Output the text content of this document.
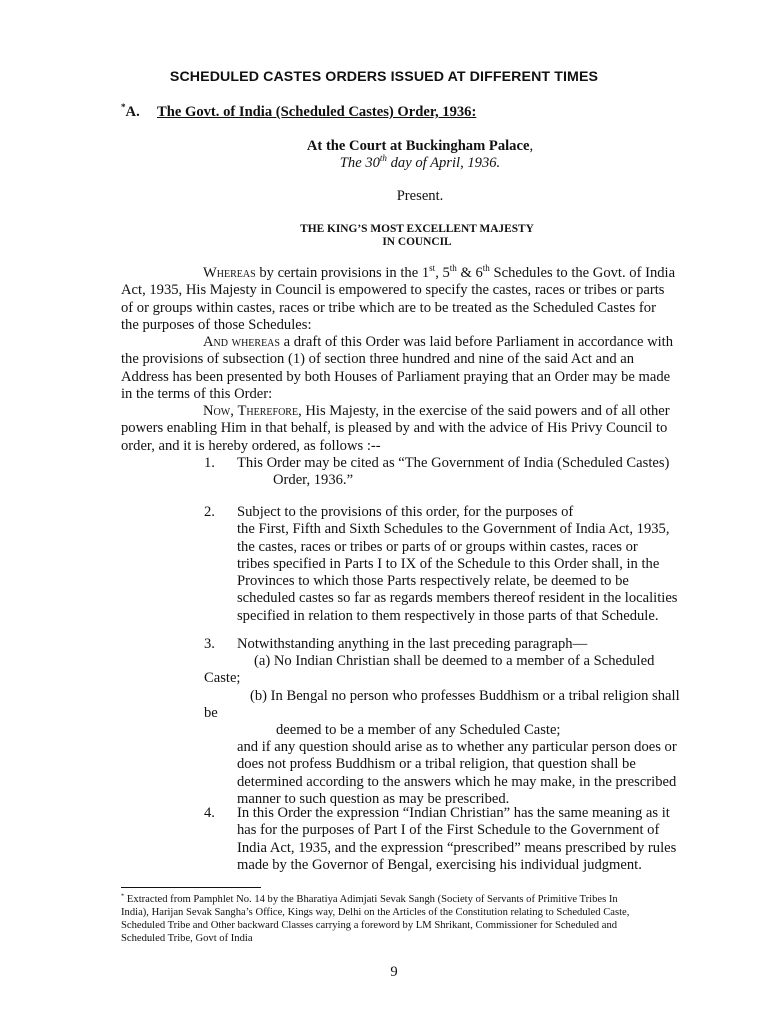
SCHEDULED CASTES ORDERS ISSUED AT DIFFERENT TIMES
*A. The Govt. of India (Scheduled Castes) Order, 1936:
At the Court at Buckingham Palace,
The 30th day of April, 1936.
Present.
THE KING’S MOST EXCELLENT MAJESTY
IN COUNCIL
Whereas by certain provisions in the 1st, 5th & 6th Schedules to the Govt. of India
Act, 1935, His Majesty in Council is empowered to specify the castes, races or tribes or parts
of or groups within castes, races or tribe which are to be treated as the Scheduled Castes for
the purposes of those Schedules:
And whereas a draft of this Order was laid before Parliament in accordance with
the provisions of subsection (1) of section three hundred and nine of the said Act and an
Address has been presented by both Houses of Parliament praying that an Order may be made
in the terms of this Order:
Now, Therefore, His Majesty, in the exercise of the said powers and of all other
powers enabling Him in that behalf, is pleased by and with the advice of His Privy Council to
order, and it is hereby ordered, as follows :--
1. This Order may be cited as “The Government of India (Scheduled Castes)
Order, 1936.”
2. Subject to the provisions of this order, for the purposes of
the First, Fifth and Sixth Schedules to the Government of India Act, 1935,
the castes, races or tribes or parts of or groups within castes, races or
tribes specified in Parts I to IX of the Schedule to this Order shall, in the
Provinces to which those Parts respectively relate, be deemed to be
scheduled castes so far as regards members thereof resident in the localities
specified in relation to them respectively in those parts of that Schedule.
3. Notwithstanding anything in the last preceding paragraph—
(a) No Indian Christian shall be deemed to a member of a Scheduled
Caste;
(b) In Bengal no person who professes Buddhism or a tribal religion shall
be
deemed to be a member of any Scheduled Caste;
and if any question should arise as to whether any particular person does or
does not profess Buddhism or a tribal religion, that question shall be
determined according to the answers which he may make, in the prescribed
manner to such question as may be prescribed.
4. In this Order the expression “Indian Christian” has the same meaning as it
has for the purposes of Part I of the First Schedule to the Government of
India Act, 1935, and the expression “prescribed” means prescribed by rules
made by the Governor of Bengal, exercising his individual judgment.
* Extracted from Pamphlet No. 14 by the Bharatiya Adimjati Sevak Sangh (Society of Servants of Primitive Tribes In
India), Harijan Sevak Sangha’s Office, Kings way, Delhi on the Articles of the Constitution relating to Scheduled Caste,
Scheduled Tribe and Other backward Classes carrying a foreword by LM Shrikant, Commissioner for Scheduled and
Scheduled Tribe, Govt of India
9
